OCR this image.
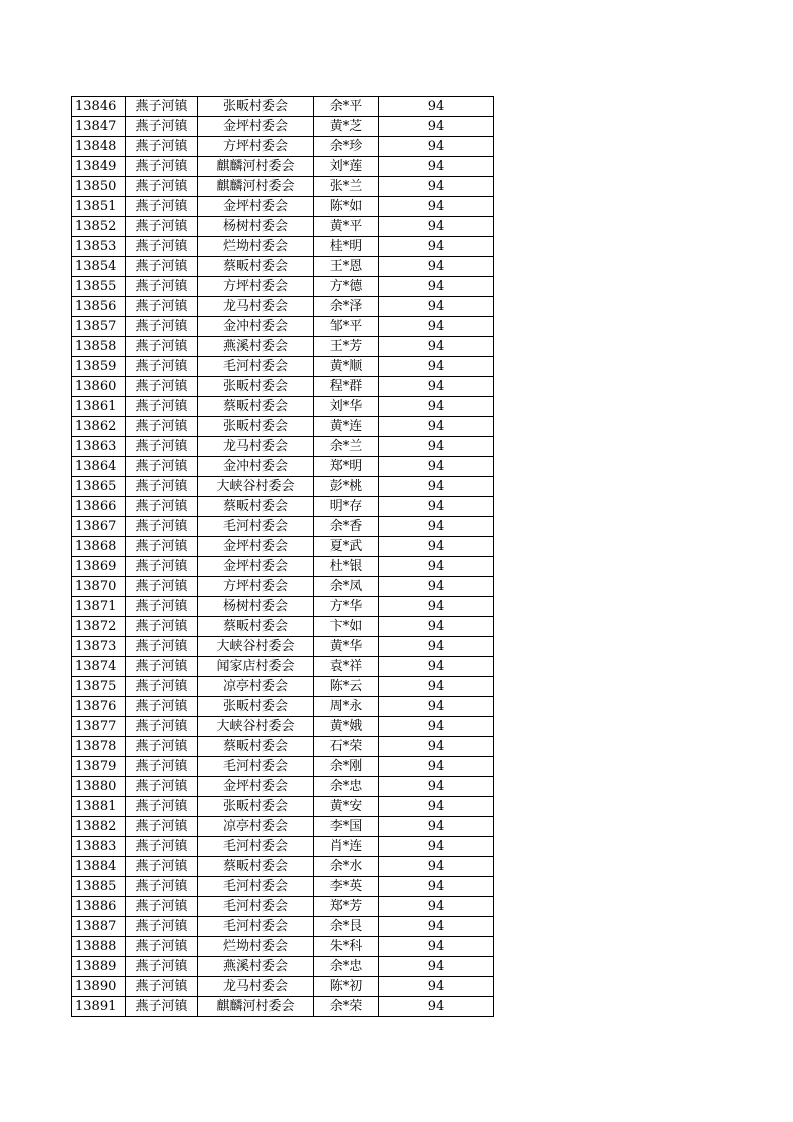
13846	燕子河镇	张畈村委会	余*平	94
13847	燕子河镇	金坪村委会	黄*芝	94
13848	燕子河镇	方坪村委会	余*珍	94
13849	燕子河镇	麒麟河村委会	刘*莲	94
13850	燕子河镇	麒麟河村委会	张*兰	94
13851	燕子河镇	金坪村委会	陈*如	94
13852	燕子河镇	杨树村委会	黄*平	94
13853	燕子河镇	烂坳村委会	桂*明	94
13854	燕子河镇	蔡畈村委会	王*恩	94
13855	燕子河镇	方坪村委会	方*德	94
13856	燕子河镇	龙马村委会	余*泽	94
13857	燕子河镇	金冲村委会	邹*平	94
13858	燕子河镇	燕溪村委会	王*芳	94
13859	燕子河镇	毛河村委会	黄*顺	94
13860	燕子河镇	张畈村委会	程*群	94
13861	燕子河镇	蔡畈村委会	刘*华	94
13862	燕子河镇	张畈村委会	黄*连	94
13863	燕子河镇	龙马村委会	余*兰	94
13864	燕子河镇	金冲村委会	郑*明	94
13865	燕子河镇	大峡谷村委会	彭*桃	94
13866	燕子河镇	蔡畈村委会	明*存	94
13867	燕子河镇	毛河村委会	余*香	94
13868	燕子河镇	金坪村委会	夏*武	94
13869	燕子河镇	金坪村委会	杜*银	94
13870	燕子河镇	方坪村委会	余*凤	94
13871	燕子河镇	杨树村委会	方*华	94
13872	燕子河镇	蔡畈村委会	卞*如	94
13873	燕子河镇	大峡谷村委会	黄*华	94
13874	燕子河镇	闻家店村委会	袁*祥	94
13875	燕子河镇	凉亭村委会	陈*云	94
13876	燕子河镇	张畈村委会	周*永	94
13877	燕子河镇	大峡谷村委会	黄*娥	94
13878	燕子河镇	蔡畈村委会	石*荣	94
13879	燕子河镇	毛河村委会	余*刚	94
13880	燕子河镇	金坪村委会	余*忠	94
13881	燕子河镇	张畈村委会	黄*安	94
13882	燕子河镇	凉亭村委会	李*国	94
13883	燕子河镇	毛河村委会	肖*连	94
13884	燕子河镇	蔡畈村委会	余*水	94
13885	燕子河镇	毛河村委会	李*英	94
13886	燕子河镇	毛河村委会	郑*芳	94
13887	燕子河镇	毛河村委会	余*艮	94
13888	燕子河镇	烂坳村委会	朱*科	94
13889	燕子河镇	燕溪村委会	余*忠	94
13890	燕子河镇	龙马村委会	陈*初	94
13891	燕子河镇	麒麟河村委会	余*荣	94
